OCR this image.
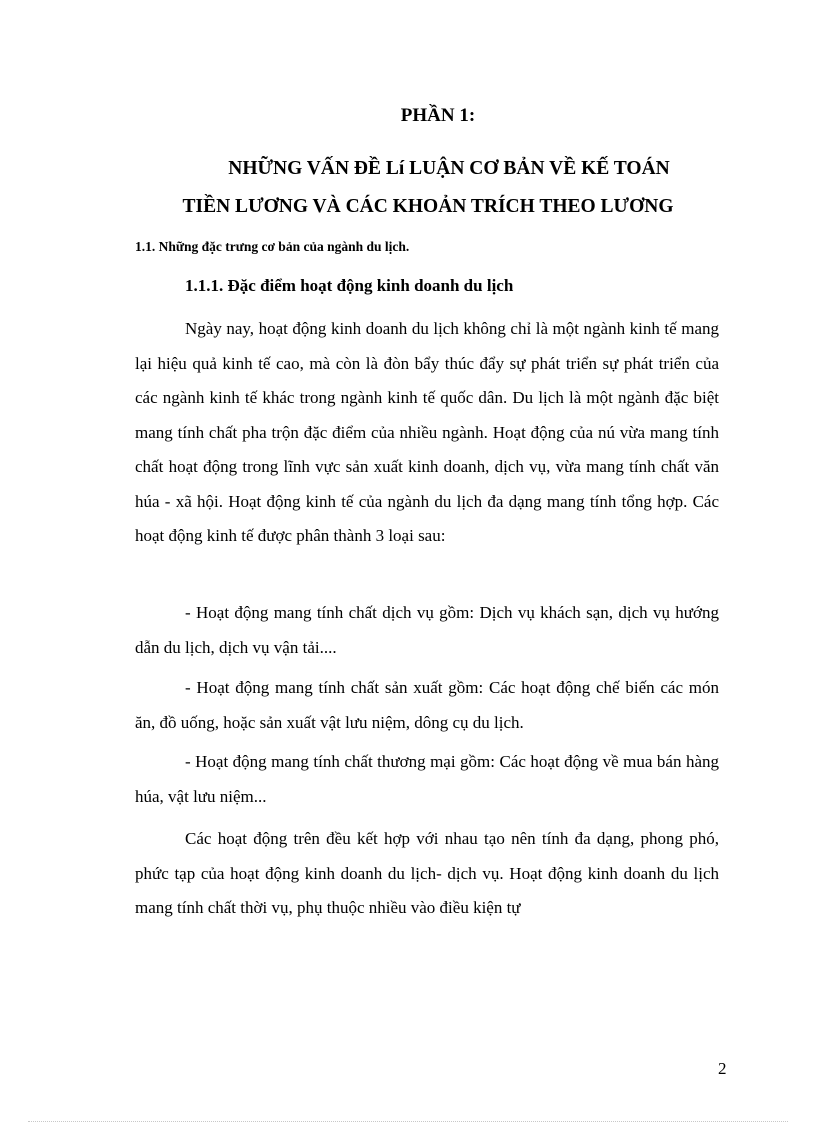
PHẦN 1:
NHỮNG VẤN ĐỀ Lí LUẬN CƠ BẢN VỀ KẾ TOÁN
TIỀN LƯƠNG VÀ CÁC KHOẢN TRÍCH THEO LƯƠNG
1.1. Những đặc trưng cơ bản của ngành du lịch.
1.1.1. Đặc điểm hoạt động kinh doanh du lịch

Ngày nay, hoạt động kinh doanh du lịch không chỉ là một ngành kinh tế mang lại hiệu quả kinh tế cao, mà còn là đòn bẩy thúc đẩy sự phát triển sự phát triển của các ngành kinh tế khác trong ngành kinh tế quốc dân. Du lịch là một ngành đặc biệt mang tính chất pha trộn đặc điểm của nhiều ngành. Hoạt động của nú vừa mang tính chất hoạt động trong lĩnh vực sản xuất kinh doanh, dịch vụ, vừa mang tính chất văn húa - xã hội. Hoạt động kinh tế của ngành du lịch đa dạng mang tính tổng hợp. Các hoạt động kinh tế được phân thành 3 loại sau:

- Hoạt động mang tính chất dịch vụ gồm: Dịch vụ khách sạn, dịch vụ hướng dẫn du lịch, dịch vụ vận tải....

- Hoạt động mang tính chất sản xuất gồm: Các hoạt động chế biến các món ăn, đồ uống, hoặc sản xuất vật lưu niệm, dông cụ du lịch.

- Hoạt động mang tính chất thương mại gồm: Các hoạt động về mua bán hàng húa, vật lưu niệm...

Các hoạt động trên đều kết hợp với nhau tạo nên tính đa dạng, phong phó, phức tạp của hoạt động kinh doanh du lịch- dịch vụ. Hoạt động kinh doanh du lịch mang tính chất thời vụ, phụ thuộc nhiều vào điều kiện tự

2
